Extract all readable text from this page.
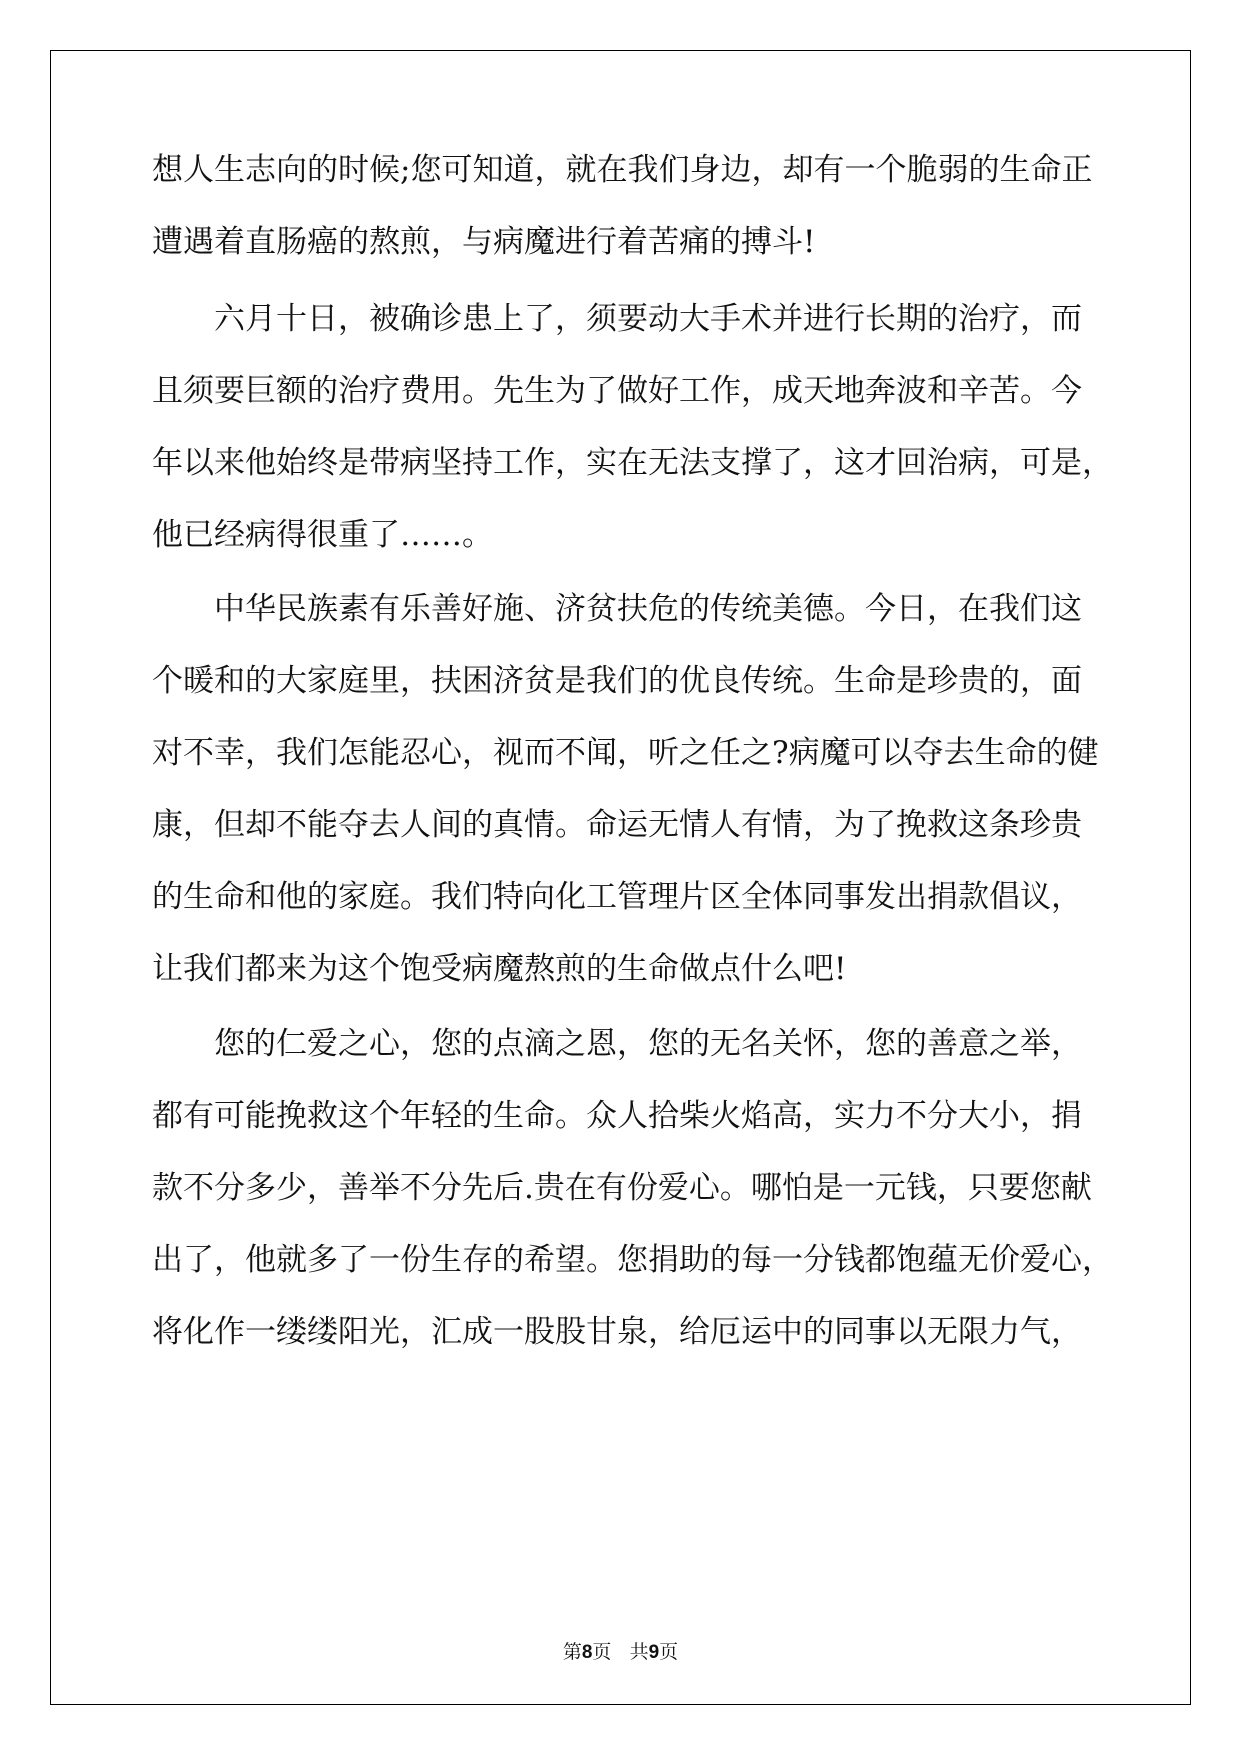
想人生志向的时候;您可知道，就在我们身边，却有一个脆弱的生命正
遭遇着直肠癌的熬煎，与病魔进行着苦痛的搏斗!
六月十日，被确诊患上了，须要动大手术并进行长期的治疗，而
且须要巨额的治疗费用。先生为了做好工作，成天地奔波和辛苦。今
年以来他始终是带病坚持工作，实在无法支撑了，这才回治病，可是，
他已经病得很重了……。
中华民族素有乐善好施、济贫扶危的传统美德。今日，在我们这
个暖和的大家庭里，扶困济贫是我们的优良传统。生命是珍贵的，面
对不幸，我们怎能忍心，视而不闻，听之任之?病魔可以夺去生命的健
康，但却不能夺去人间的真情。命运无情人有情，为了挽救这条珍贵
的生命和他的家庭。我们特向化工管理片区全体同事发出捐款倡议，
让我们都来为这个饱受病魔熬煎的生命做点什么吧!
您的仁爱之心，您的点滴之恩，您的无名关怀，您的善意之举，
都有可能挽救这个年轻的生命。众人拾柴火焰高，实力不分大小，捐
款不分多少，善举不分先后.贵在有份爱心。哪怕是一元钱，只要您献
出了，他就多了一份生存的希望。您捐助的每一分钱都饱蕴无价爱心，
将化作一缕缕阳光，汇成一股股甘泉，给厄运中的同事以无限力气，
第8页 共9页
